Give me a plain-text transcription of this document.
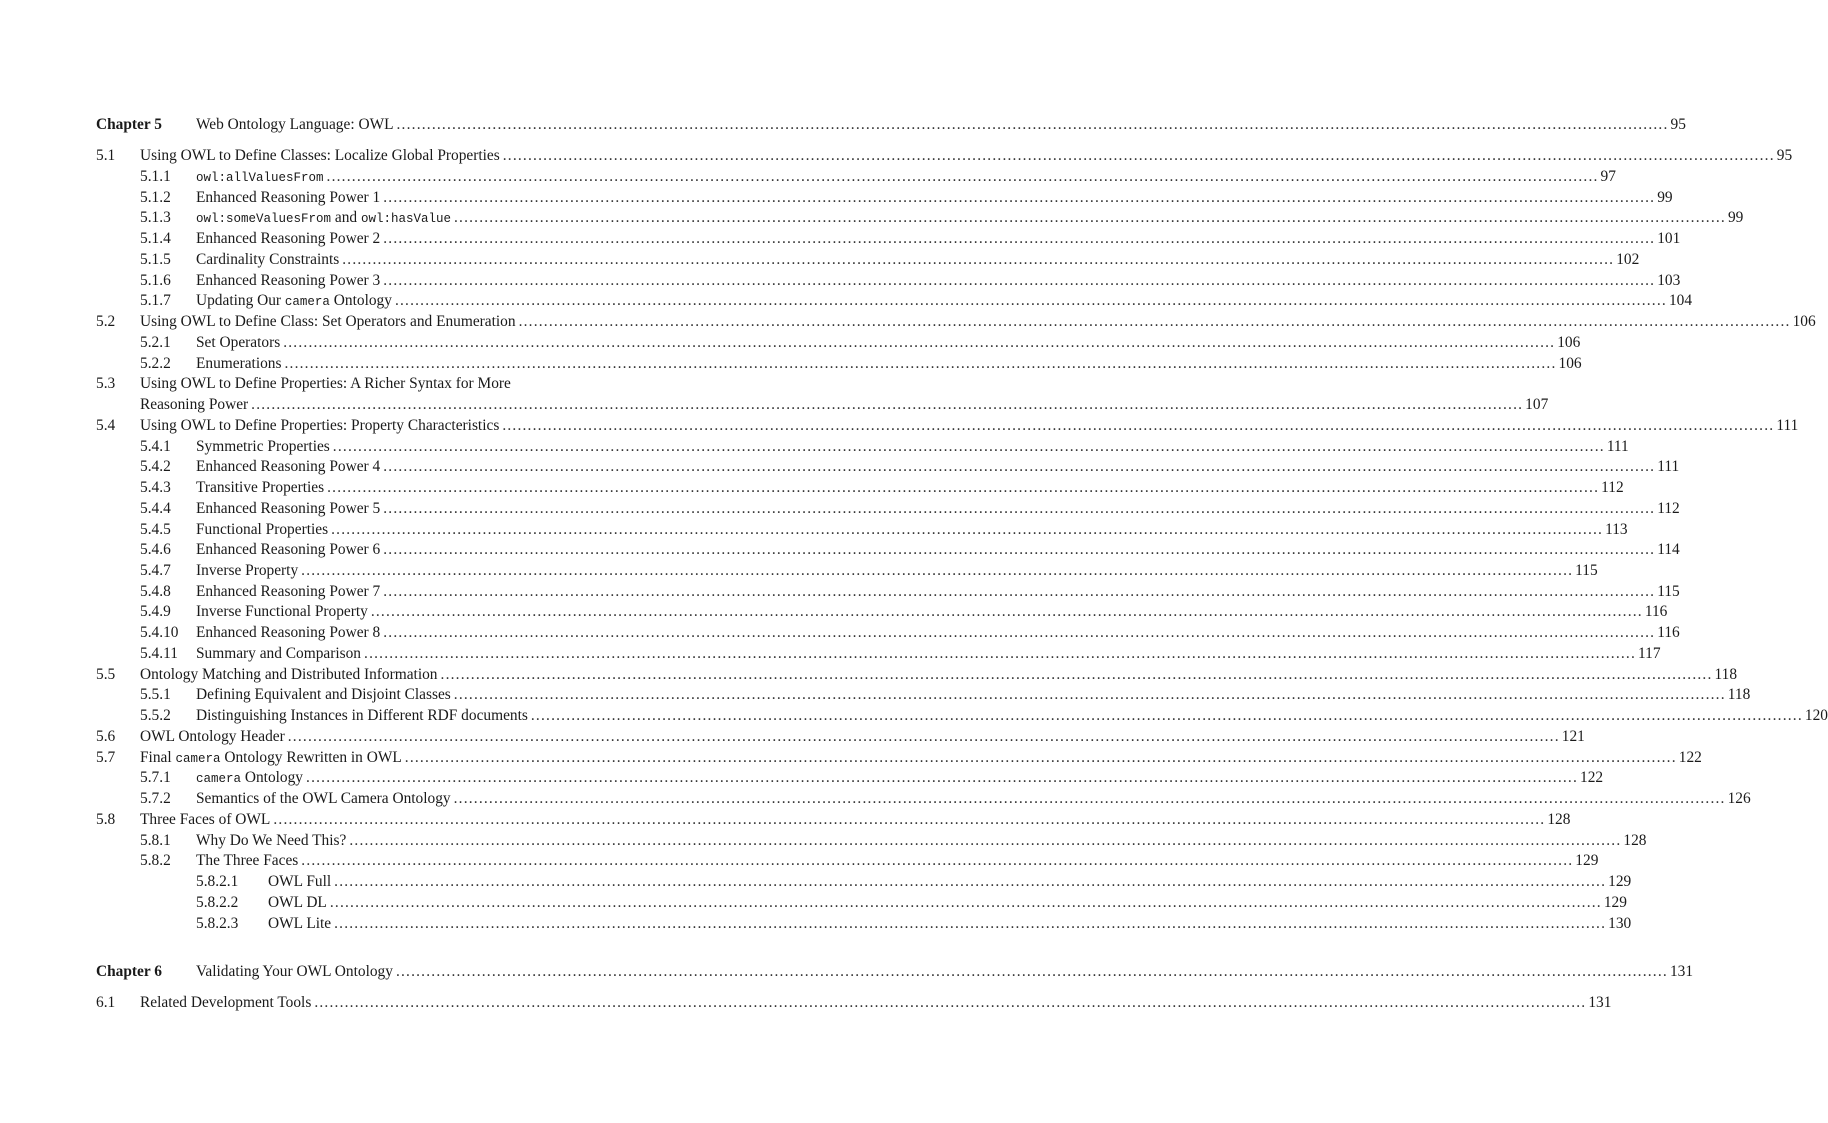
Chapter 5	Web Ontology Language: OWL ............................................................................................................................................................................................................................................................ 95
5.1	Using OWL to Define Classes: Localize Global Properties ............................................................................................................................................................................................................................................................ 95
5.1.1	owl:allValuesFrom ............................................................................................................................................................................................................................................................ 97
5.1.2	Enhanced Reasoning Power 1 ............................................................................................................................................................................................................................................................ 99
5.1.3	owl:someValuesFrom and owl:hasValue ............................................................................................................................................................................................................................................................ 99
5.1.4	Enhanced Reasoning Power 2 ............................................................................................................................................................................................................................................................ 101
5.1.5	Cardinality Constraints ............................................................................................................................................................................................................................................................ 102
5.1.6	Enhanced Reasoning Power 3 ............................................................................................................................................................................................................................................................ 103
5.1.7	Updating Our camera Ontology ............................................................................................................................................................................................................................................................ 104
5.2	Using OWL to Define Class: Set Operators and Enumeration ............................................................................................................................................................................................................................................................ 106
5.2.1	Set Operators ............................................................................................................................................................................................................................................................ 106
5.2.2	Enumerations ............................................................................................................................................................................................................................................................ 106
5.3	Using OWL to Define Properties: A Richer Syntax for More
Reasoning Power ............................................................................................................................................................................................................................................................ 107
5.4	Using OWL to Define Properties: Property Characteristics ............................................................................................................................................................................................................................................................ 111
5.4.1	Symmetric Properties ............................................................................................................................................................................................................................................................ 111
5.4.2	Enhanced Reasoning Power 4 ............................................................................................................................................................................................................................................................ 111
5.4.3	Transitive Properties ............................................................................................................................................................................................................................................................ 112
5.4.4	Enhanced Reasoning Power 5 ............................................................................................................................................................................................................................................................ 112
5.4.5	Functional Properties ............................................................................................................................................................................................................................................................ 113
5.4.6	Enhanced Reasoning Power 6 ............................................................................................................................................................................................................................................................ 114
5.4.7	Inverse Property ............................................................................................................................................................................................................................................................ 115
5.4.8	Enhanced Reasoning Power 7 ............................................................................................................................................................................................................................................................ 115
5.4.9	Inverse Functional Property ............................................................................................................................................................................................................................................................ 116
5.4.10	Enhanced Reasoning Power 8 ............................................................................................................................................................................................................................................................ 116
5.4.11	Summary and Comparison ............................................................................................................................................................................................................................................................ 117
5.5	Ontology Matching and Distributed Information ............................................................................................................................................................................................................................................................ 118
5.5.1	Defining Equivalent and Disjoint Classes ............................................................................................................................................................................................................................................................ 118
5.5.2	Distinguishing Instances in Different RDF documents ............................................................................................................................................................................................................................................................ 120
5.6	OWL Ontology Header ............................................................................................................................................................................................................................................................ 121
5.7	Final camera Ontology Rewritten in OWL ............................................................................................................................................................................................................................................................ 122
5.7.1	camera Ontology ............................................................................................................................................................................................................................................................ 122
5.7.2	Semantics of the OWL Camera Ontology ............................................................................................................................................................................................................................................................ 126
5.8	Three Faces of OWL ............................................................................................................................................................................................................................................................ 128
5.8.1	Why Do We Need This? ............................................................................................................................................................................................................................................................ 128
5.8.2	The Three Faces ............................................................................................................................................................................................................................................................ 129
5.8.2.1	OWL Full ............................................................................................................................................................................................................................................................ 129
5.8.2.2	OWL DL ............................................................................................................................................................................................................................................................ 129
5.8.2.3	OWL Lite ............................................................................................................................................................................................................................................................ 130
Chapter 6	Validating Your OWL Ontology ............................................................................................................................................................................................................................................................ 131
6.1	Related Development Tools ............................................................................................................................................................................................................................................................ 131
